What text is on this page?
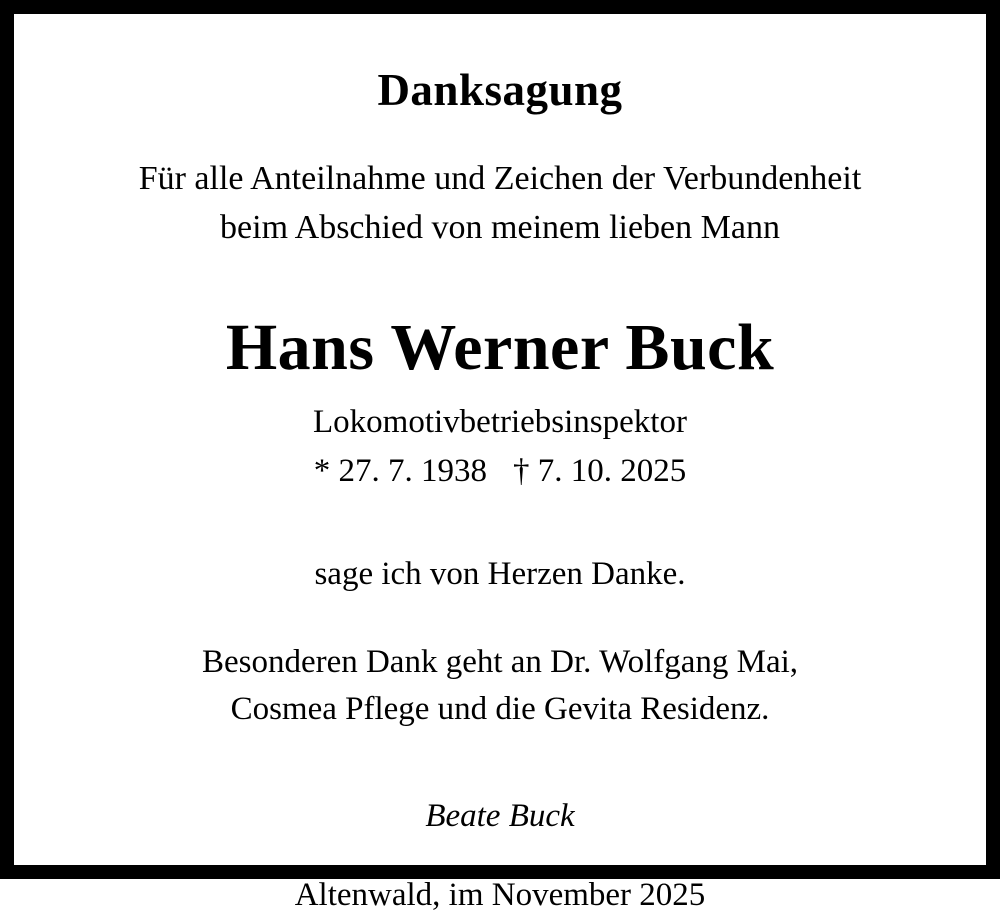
Danksagung
Für alle Anteilnahme und Zeichen der Verbundenheit
beim Abschied von meinem lieben Mann
Hans Werner Buck
Lokomotivbetriebsinspektor
* 27. 7. 1938 † 7. 10. 2025
sage ich von Herzen Danke.
Besonderen Dank geht an Dr. Wolfgang Mai,
Cosmea Pflege und die Gevita Residenz.
Beate Buck
Altenwald, im November 2025
